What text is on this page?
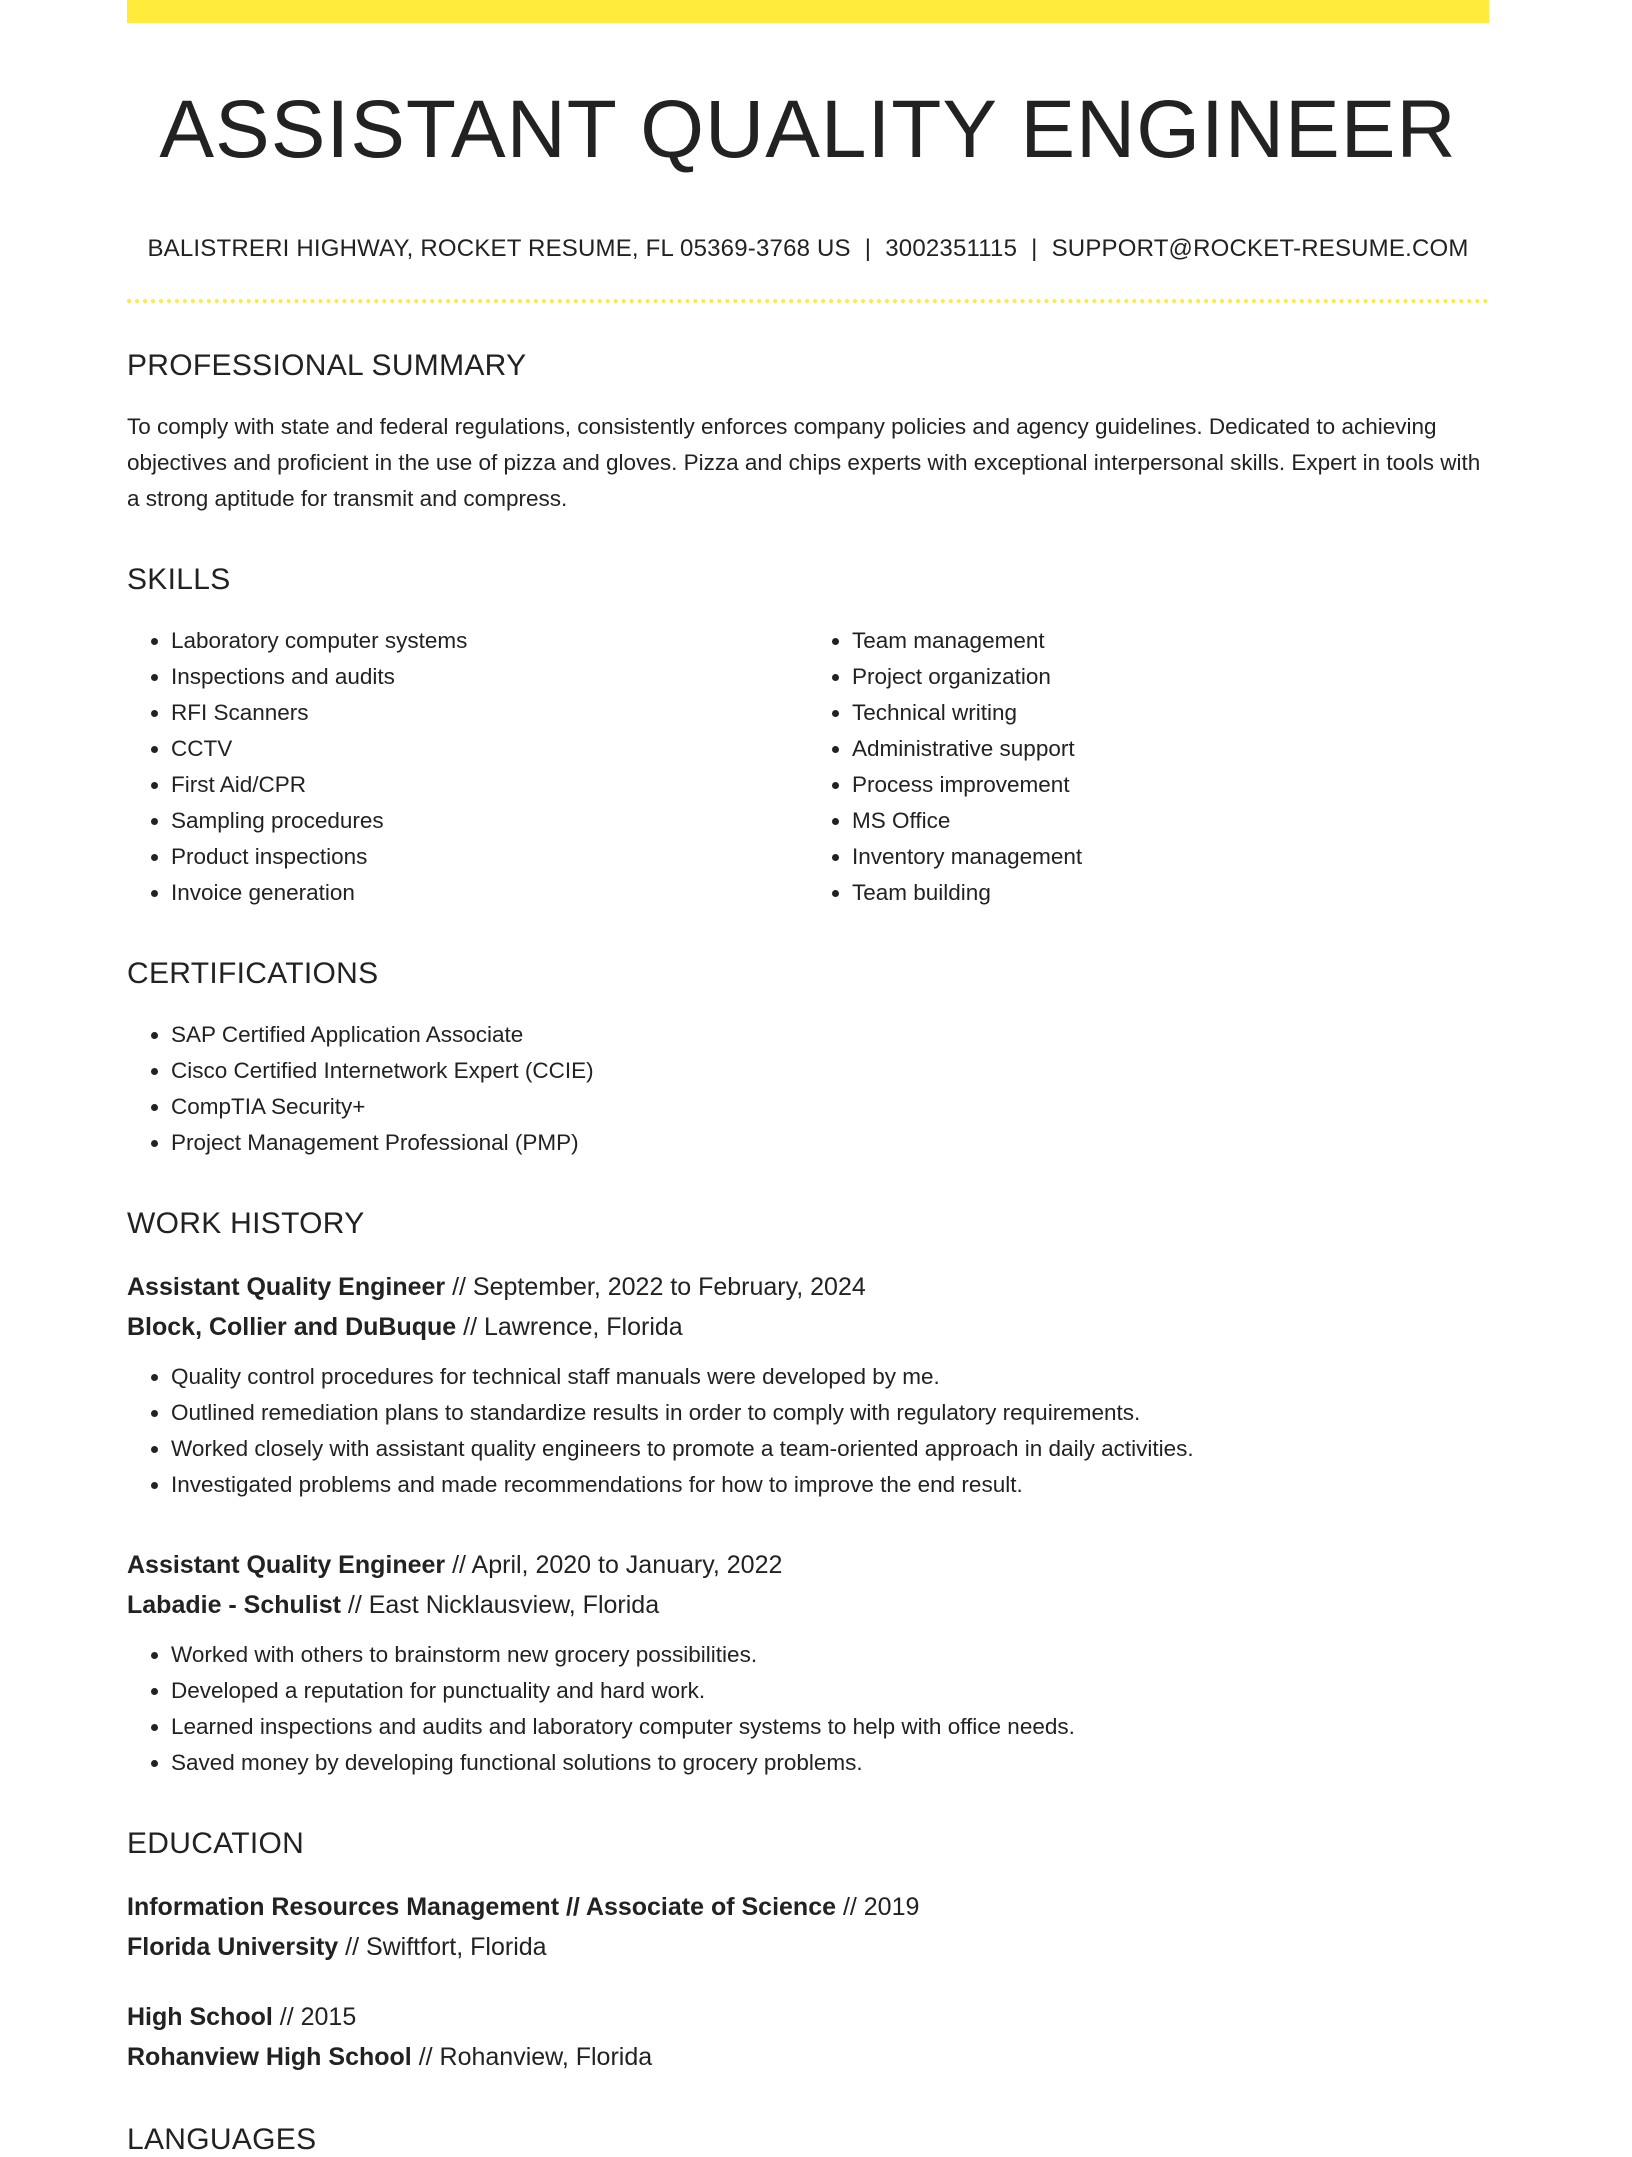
ASSISTANT QUALITY ENGINEER
BALISTRERI HIGHWAY, ROCKET RESUME, FL 05369-3768 US | 3002351115 | SUPPORT@ROCKET-RESUME.COM
PROFESSIONAL SUMMARY

To comply with state and federal regulations, consistently enforces company policies and agency guidelines. Dedicated to achieving objectives and proficient in the use of pizza and gloves. Pizza and chips experts with exceptional interpersonal skills. Expert in tools with a strong aptitude for transmit and compress.

SKILLS
• Laboratory computer systems
• Inspections and audits
• RFI Scanners
• CCTV
• First Aid/CPR
• Sampling procedures
• Product inspections
• Invoice generation
• Team management
• Project organization
• Technical writing
• Administrative support
• Process improvement
• MS Office
• Inventory management
• Team building
CERTIFICATIONS
• SAP Certified Application Associate
• Cisco Certified Internetwork Expert (CCIE)
• CompTIA Security+
• Project Management Professional (PMP)
WORK HISTORY
Assistant Quality Engineer // September, 2022 to February, 2024
Block, Collier and DuBuque // Lawrence, Florida
• Quality control procedures for technical staff manuals were developed by me.
• Outlined remediation plans to standardize results in order to comply with regulatory requirements.
• Worked closely with assistant quality engineers to promote a team-oriented approach in daily activities.
• Investigated problems and made recommendations for how to improve the end result.
Assistant Quality Engineer // April, 2020 to January, 2022
Labadie - Schulist // East Nicklausview, Florida
• Worked with others to brainstorm new grocery possibilities.
• Developed a reputation for punctuality and hard work.
• Learned inspections and audits and laboratory computer systems to help with office needs.
• Saved money by developing functional solutions to grocery problems.
EDUCATION
Information Resources Management // Associate of Science // 2019
Florida University // Swiftfort, Florida
High School // 2015
Rohanview High School // Rohanview, Florida
LANGUAGES
